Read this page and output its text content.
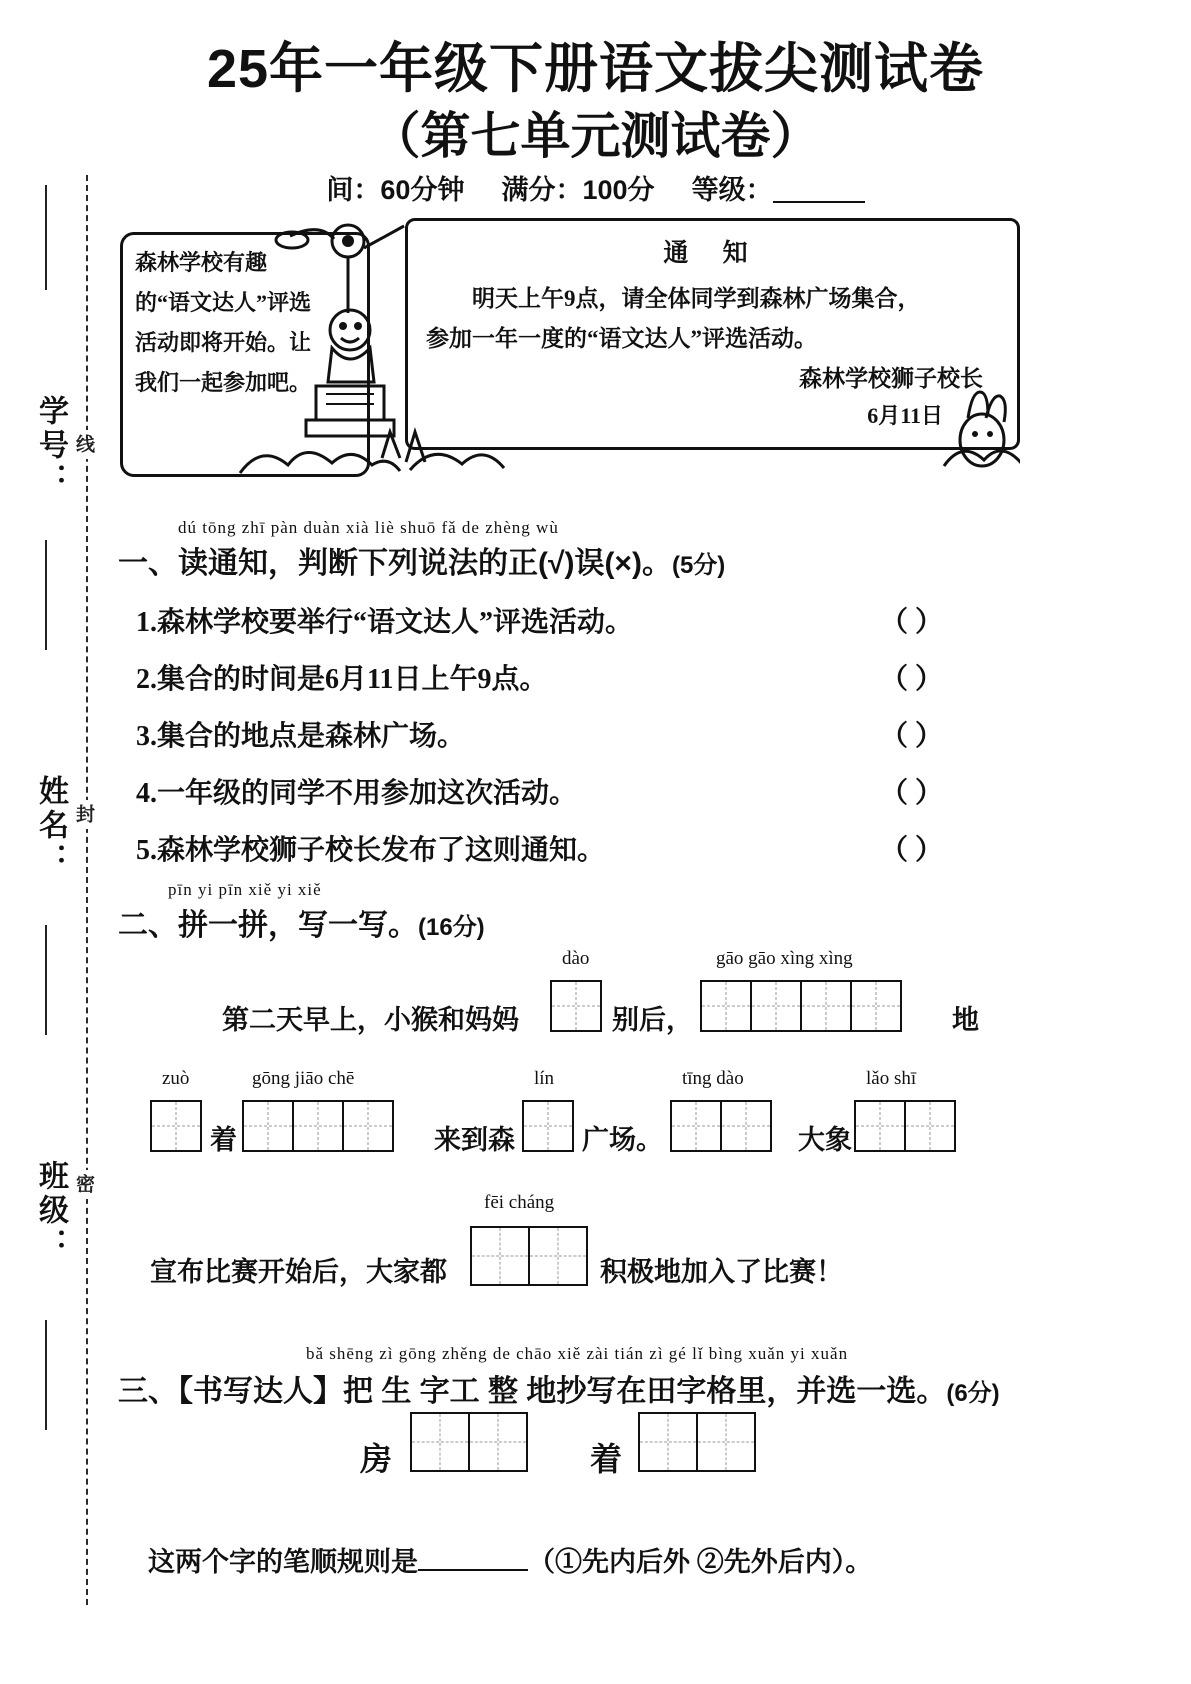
学号：
姓名：
班级：
线
封
密
25年一年级下册语文拔尖测试卷
（第七单元测试卷）
间：60分钟 满分：100分 等级：

森林学校有趣

的“语文达人”评选

活动即将开始。让

我们一起参加吧。

通 知
明天上午9点，请全体同学到森林广场集合，
参加一年一度的“语文达人”评选活动。
森林学校狮子校长
6月11日
dú tōng zhī pàn duàn xià liè shuō fǎ de zhèng wù
一、读通知，判断下列说法的正(√)误(×)。(5分)
1.森林学校要举行“语文达人”评选活动。
2.集合的时间是6月11日上午9点。
3.集合的地点是森林广场。
4.一年级的同学不用参加这次活动。
5.森林学校狮子校长发布了这则通知。
（ ）
（ ）
（ ）
（ ）
（ ）
pīn yi pīn xiě yi xiě
二、拼一拼，写一写。(16分)
第二天早上，小猴和妈妈
dào
别后，
gāo gāo xìng xìng
地
zuò
着
gōng jiāo chē
来到森
lín
广场。
tīng dào
大象
lǎo shī
宣布比赛开始后，大家都
fēi cháng
积极地加入了比赛！
bǎ shēng zì gōng zhěng de chāo xiě zài tián zì gé lǐ bìng xuǎn yi xuǎn
三、【书写达人】把 生 字工 整 地抄写在田字格里，并选一选。(6分)
房	着
这两个字的笔顺规则是	（①先内后外 ②先外后内）。
